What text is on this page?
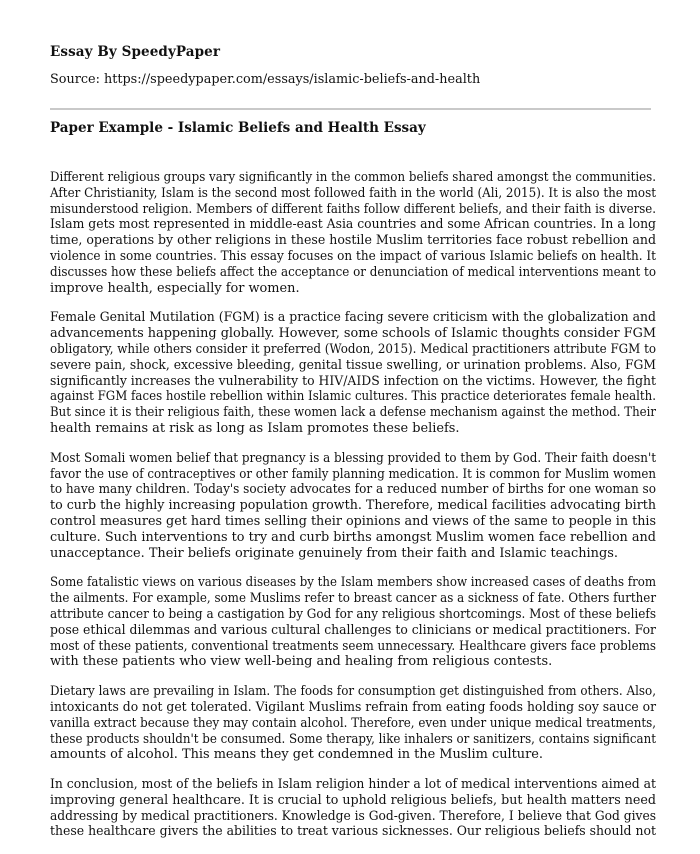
Essay By SpeedyPaper
Source: https://speedypaper.com/essays/islamic-beliefs-and-health
Paper Example - Islamic Beliefs and Health Essay

Different religious groups vary significantly in the common beliefs shared amongst the communities.
After Christianity, Islam is the second most followed faith in the world (Ali, 2015). It is also the most
misunderstood religion. Members of different faiths follow different beliefs, and their faith is diverse.
Islam gets most represented in middle-east Asia countries and some African countries. In a long
time, operations by other religions in these hostile Muslim territories face robust rebellion and
violence in some countries. This essay focuses on the impact of various Islamic beliefs on health. It
discusses how these beliefs affect the acceptance or denunciation of medical interventions meant to
improve health, especially for women.

Female Genital Mutilation (FGM) is a practice facing severe criticism with the globalization and
advancements happening globally. However, some schools of Islamic thoughts consider FGM
obligatory, while others consider it preferred (Wodon, 2015). Medical practitioners attribute FGM to
severe pain, shock, excessive bleeding, genital tissue swelling, or urination problems. Also, FGM
significantly increases the vulnerability to HIV/AIDS infection on the victims. However, the fight
against FGM faces hostile rebellion within Islamic cultures. This practice deteriorates female health.
But since it is their religious faith, these women lack a defense mechanism against the method. Their
health remains at risk as long as Islam promotes these beliefs.

Most Somali women belief that pregnancy is a blessing provided to them by God. Their faith doesn't
favor the use of contraceptives or other family planning medication. It is common for Muslim women
to have many children. Today's society advocates for a reduced number of births for one woman so
to curb the highly increasing population growth. Therefore, medical facilities advocating birth
control measures get hard times selling their opinions and views of the same to people in this
culture. Such interventions to try and curb births amongst Muslim women face rebellion and
unacceptance. Their beliefs originate genuinely from their faith and Islamic teachings.

Some fatalistic views on various diseases by the Islam members show increased cases of deaths from
the ailments. For example, some Muslims refer to breast cancer as a sickness of fate. Others further
attribute cancer to being a castigation by God for any religious shortcomings. Most of these beliefs
pose ethical dilemmas and various cultural challenges to clinicians or medical practitioners. For
most of these patients, conventional treatments seem unnecessary. Healthcare givers face problems
with these patients who view well-being and healing from religious contests.

Dietary laws are prevailing in Islam. The foods for consumption get distinguished from others. Also,
intoxicants do not get tolerated. Vigilant Muslims refrain from eating foods holding soy sauce or
vanilla extract because they may contain alcohol. Therefore, even under unique medical treatments,
these products shouldn't be consumed. Some therapy, like inhalers or sanitizers, contains significant
amounts of alcohol. This means they get condemned in the Muslim culture.

In conclusion, most of the beliefs in Islam religion hinder a lot of medical interventions aimed at
improving general healthcare. It is crucial to uphold religious beliefs, but health matters need
addressing by medical practitioners. Knowledge is God-given. Therefore, I believe that God gives
these healthcare givers the abilities to treat various sicknesses. Our religious beliefs should not
